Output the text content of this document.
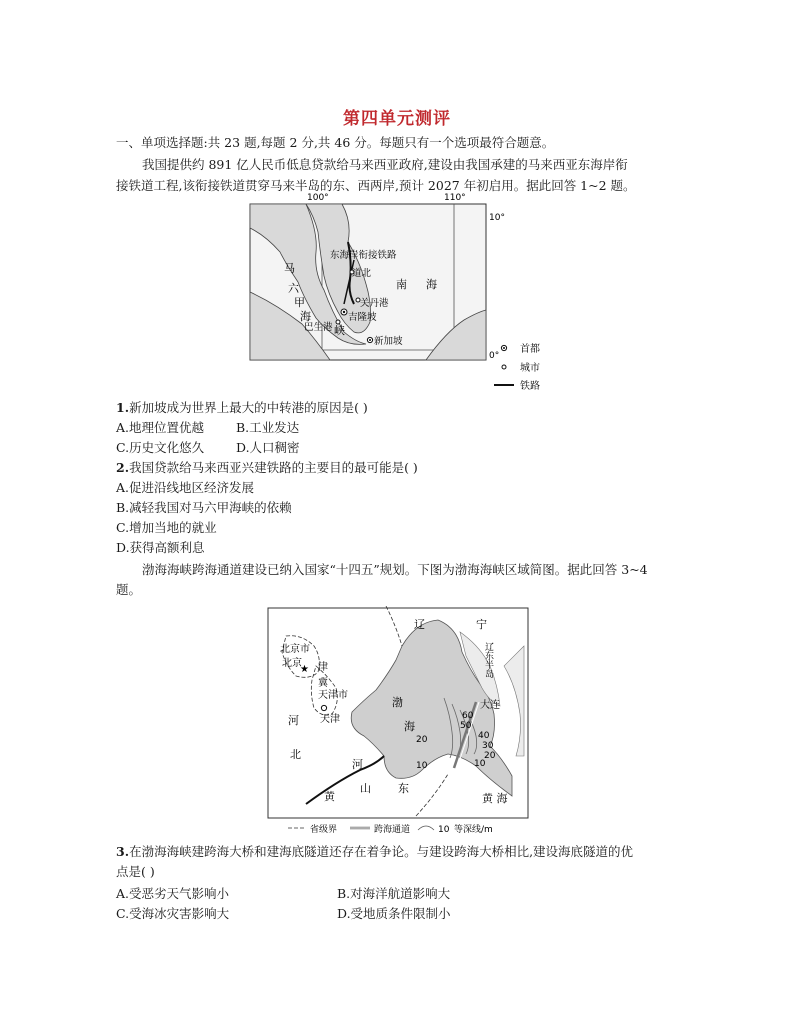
第四单元测评
一、单项选择题:共 23 题,每题 2 分,共 46 分。每题只有一个选项最符合题意。
我国提供约 891 亿人民币低息贷款给马来西亚政府,建设由我国承建的马来西亚东海岸衔
接铁道工程,该衔接铁道贯穿马来半岛的东、西两岸,预计 2027 年初启用。据此回答 1~2 题。
100°	110°
10°
0°
东海岸衔接铁路
道北
关丹港
吉隆坡
巴生港
新加坡
南 海
马
六
甲
海
峡
首都
城市
铁路
1.新加坡成为世界上最大的中转港的原因是( )
A.地理位置优越	B.工业发达
C.历史文化悠久	D.人口稠密
2.我国贷款给马来西亚兴建铁路的主要目的最可能是( )
A.促进沿线地区经济发展
B.减轻我国对马六甲海峡的依赖
C.增加当地的就业
D.获得高额利息
渤海海峡跨海通道建设已纳入国家“十四五”规划。下图为渤海海峡区域简图。据此回答 3~4
题。
辽	宁
北京市
北京
★ 津
冀
天津市
天津
河
北
渤
海
大连
辽东半岛
黄
山 东
河
黄 海
60
50
40
30
20
20
10	10
省级界	跨海通道	10 等深线/m
3.在渤海海峡建跨海大桥和建海底隧道还存在着争论。与建设跨海大桥相比,建设海底隧道的优
点是( )
A.受恶劣天气影响小	B.对海洋航道影响大
C.受海冰灾害影响大	D.受地质条件限制小
